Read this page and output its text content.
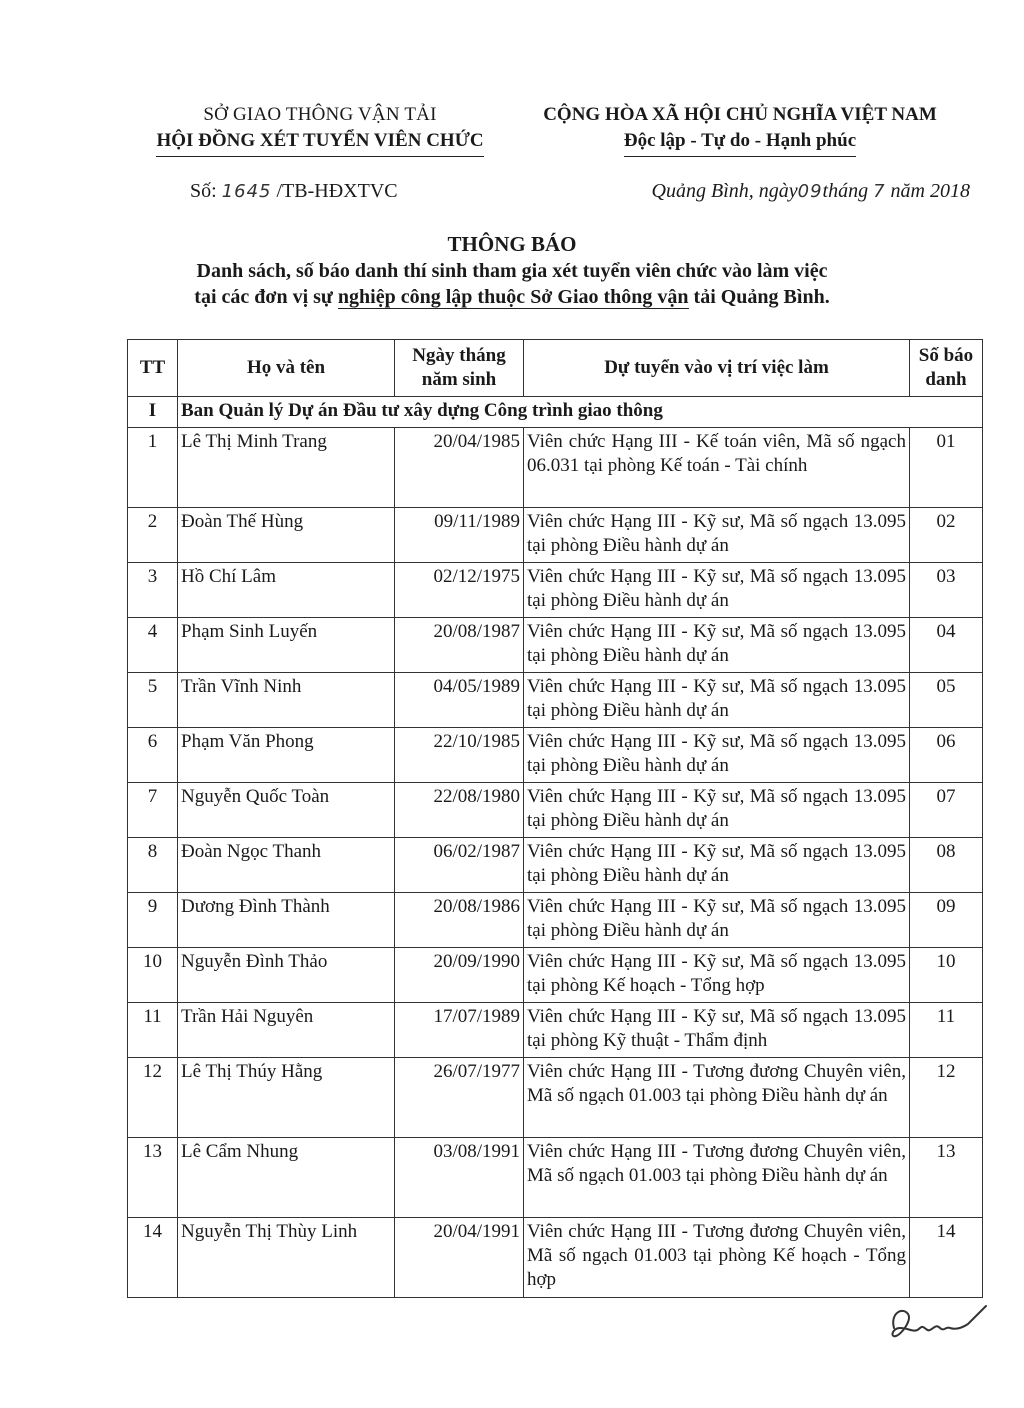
SỞ GIAO THÔNG VẬN TẢI
HỘI ĐỒNG XÉT TUYỂN VIÊN CHỨC
CỘNG HÒA XÃ HỘI CHỦ NGHĨA VIỆT NAM
Độc lập - Tự do - Hạnh phúc
Số: 1645 /TB-HĐXTVC	Quảng Bình, ngày09tháng 7 năm 2018
THÔNG BÁO
Danh sách, số báo danh thí sinh tham gia xét tuyển viên chức vào làm việc
tại các đơn vị sự nghiệp công lập thuộc Sở Giao thông vận tải Quảng Bình.
TT	Họ và tên	Ngày tháng năm sinh	Dự tuyển vào vị trí việc làm	Số báo danh
I	Ban Quản lý Dự án Đầu tư xây dựng Công trình giao thông			
1	Lê Thị Minh Trang	20/04/1985	Viên chức Hạng III - Kế toán viên, Mã số ngạch 06.031 tại phòng Kế toán - Tài chính	01
2	Đoàn Thế Hùng	09/11/1989	Viên chức Hạng III - Kỹ sư, Mã số ngạch 13.095 tại phòng Điều hành dự án	02
3	Hồ Chí Lâm	02/12/1975	Viên chức Hạng III - Kỹ sư, Mã số ngạch 13.095 tại phòng Điều hành dự án	03
4	Phạm Sinh Luyến	20/08/1987	Viên chức Hạng III - Kỹ sư, Mã số ngạch 13.095 tại phòng Điều hành dự án	04
5	Trần Vĩnh Ninh	04/05/1989	Viên chức Hạng III - Kỹ sư, Mã số ngạch 13.095 tại phòng Điều hành dự án	05
6	Phạm Văn Phong	22/10/1985	Viên chức Hạng III - Kỹ sư, Mã số ngạch 13.095 tại phòng Điều hành dự án	06
7	Nguyễn Quốc Toàn	22/08/1980	Viên chức Hạng III - Kỹ sư, Mã số ngạch 13.095 tại phòng Điều hành dự án	07
8	Đoàn Ngọc Thanh	06/02/1987	Viên chức Hạng III - Kỹ sư, Mã số ngạch 13.095 tại phòng Điều hành dự án	08
9	Dương Đình Thành	20/08/1986	Viên chức Hạng III - Kỹ sư, Mã số ngạch 13.095 tại phòng Điều hành dự án	09
10	Nguyễn Đình Thảo	20/09/1990	Viên chức Hạng III - Kỹ sư, Mã số ngạch 13.095 tại phòng Kế hoạch - Tổng hợp	10
11	Trần Hải Nguyên	17/07/1989	Viên chức Hạng III - Kỹ sư, Mã số ngạch 13.095 tại phòng Kỹ thuật - Thẩm định	11
12	Lê Thị Thúy Hằng	26/07/1977	Viên chức Hạng III - Tương đương Chuyên viên, Mã số ngạch 01.003 tại phòng Điều hành dự án	12
13	Lê Cẩm Nhung	03/08/1991	Viên chức Hạng III - Tương đương Chuyên viên, Mã số ngạch 01.003 tại phòng Điều hành dự án	13
14	Nguyễn Thị Thùy Linh	20/04/1991	Viên chức Hạng III - Tương đương Chuyên viên, Mã số ngạch 01.003 tại phòng Kế hoạch - Tổng hợp	14
